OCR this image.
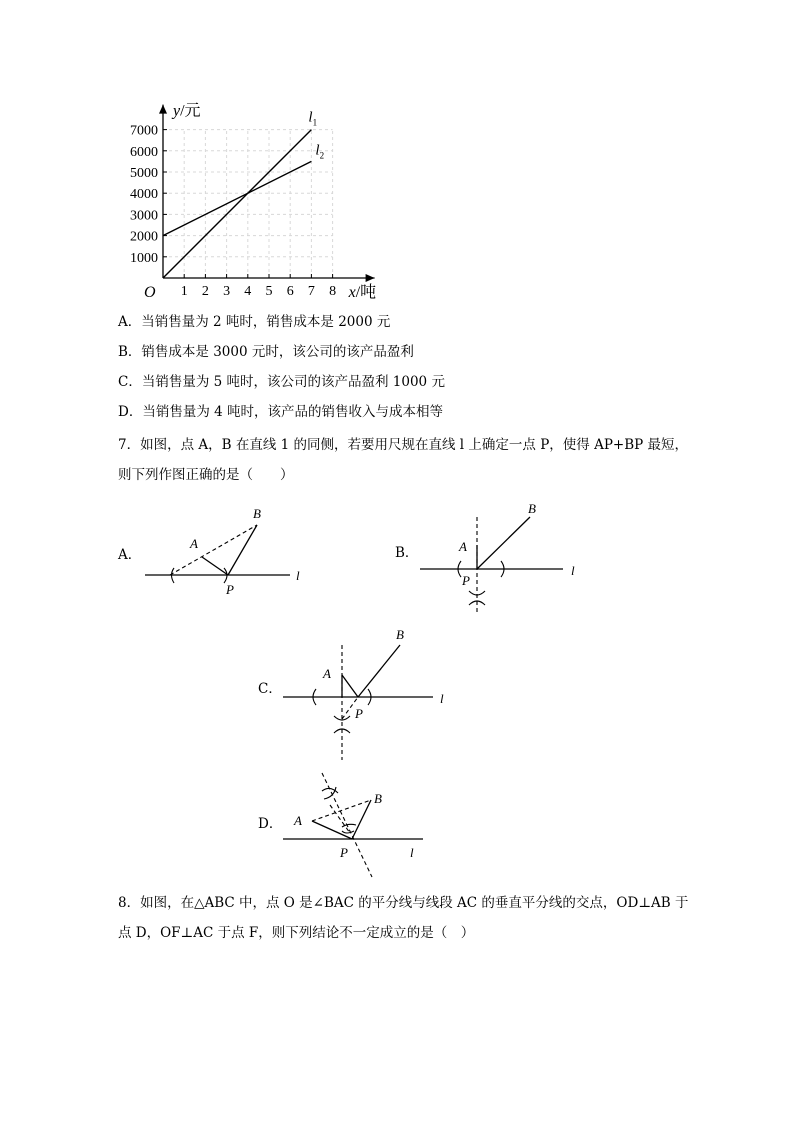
1 2 3 4 5 6 7 8
1000
2000
3000
4000
5000
6000
7000
$l_1$
$l_2$
y/元
x/吨
O
A．当销售量为 2 吨时，销售成本是 2000 元
B．销售成本是 3000 元时，该公司的该产品盈利
C．当销售量为 5 吨时，该公司的该产品盈利 1000 元
D．当销售量为 4 吨时，该产品的销售收入与成本相等
7．如图，点 A，B 在直线 1 的同侧，若要用尺规在直线 l 上确定一点 P，使得 AP+BP 最短，
则下列作图正确的是（　　）
A．	B．
C．
D．
A
B
P
l
A
B
P
l
A
B
P
l
A
B
P	l
8．如图，在△ABC 中，点 O 是∠BAC 的平分线与线段 AC 的垂直平分线的交点，OD⊥AB 于
点 D，OF⊥AC 于点 F，则下列结论不一定成立的是（　）
